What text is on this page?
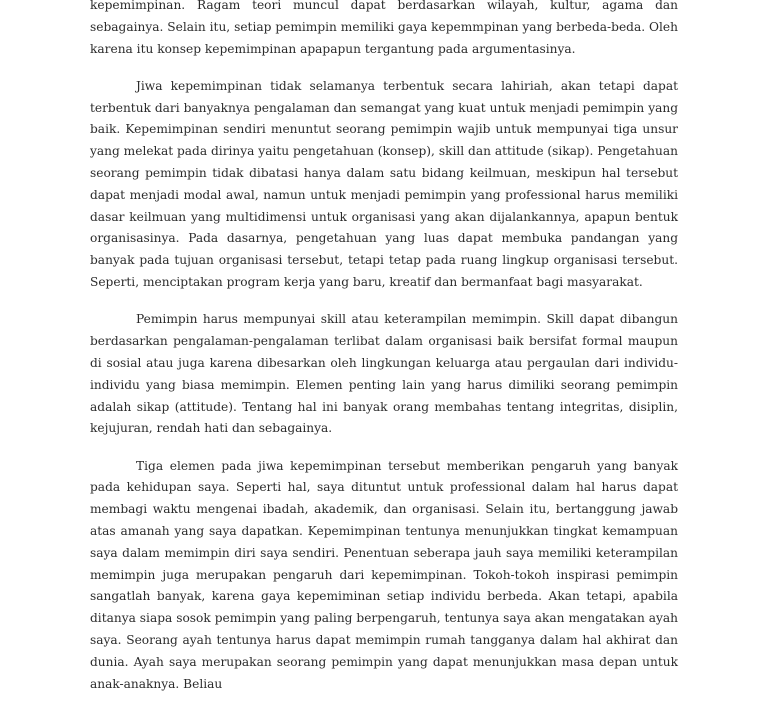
kepemimpinan. Ragam teori muncul dapat berdasarkan wilayah, kultur, agama dan sebagainya. Selain itu, setiap pemimpin memiliki gaya kepemmpinan yang berbeda-beda. Oleh karena itu konsep kepemimpinan apapapun tergantung pada argumentasinya.

Jiwa kepemimpinan tidak selamanya terbentuk secara lahiriah, akan tetapi dapat terbentuk dari banyaknya pengalaman dan semangat yang kuat untuk menjadi pemimpin yang baik. Kepemimpinan sendiri menuntut seorang pemimpin wajib untuk mempunyai tiga unsur yang melekat pada dirinya yaitu pengetahuan (konsep), skill dan attitude (sikap). Pengetahuan seorang pemimpin tidak dibatasi hanya dalam satu bidang keilmuan, meskipun hal tersebut dapat menjadi modal awal, namun untuk menjadi pemimpin yang professional harus memiliki dasar keilmuan yang multidimensi untuk organisasi yang akan dijalankannya, apapun bentuk organisasinya. Pada dasarnya, pengetahuan yang luas dapat membuka pandangan yang banyak pada tujuan organisasi tersebut, tetapi tetap pada ruang lingkup organisasi tersebut. Seperti, menciptakan program kerja yang baru, kreatif dan bermanfaat bagi masyarakat.

Pemimpin harus mempunyai skill atau keterampilan memimpin. Skill dapat dibangun berdasarkan pengalaman-pengalaman terlibat dalam organisasi baik bersifat formal maupun di sosial atau juga karena dibesarkan oleh lingkungan keluarga atau pergaulan dari individu-individu yang biasa memimpin. Elemen penting lain yang harus dimiliki seorang pemimpin adalah sikap (attitude). Tentang hal ini banyak orang membahas tentang integritas, disiplin, kejujuran, rendah hati dan sebagainya.

Tiga elemen pada jiwa kepemimpinan tersebut memberikan pengaruh yang banyak pada kehidupan saya. Seperti hal, saya dituntut untuk professional dalam hal harus dapat membagi waktu mengenai ibadah, akademik, dan organisasi. Selain itu, bertanggung jawab atas amanah yang saya dapatkan. Kepemimpinan tentunya menunjukkan tingkat kemampuan saya dalam memimpin diri saya sendiri. Penentuan seberapa jauh saya memiliki keterampilan memimpin juga merupakan pengaruh dari kepemimpinan. Tokoh-tokoh inspirasi pemimpin sangatlah banyak, karena gaya kepemiminan setiap individu berbeda. Akan tetapi, apabila ditanya siapa sosok pemimpin yang paling berpengaruh, tentunya saya akan mengatakan ayah saya. Seorang ayah tentunya harus dapat memimpin rumah tangganya dalam hal akhirat dan dunia. Ayah saya merupakan seorang pemimpin yang dapat menunjukkan masa depan untuk anak-anaknya. Beliau
